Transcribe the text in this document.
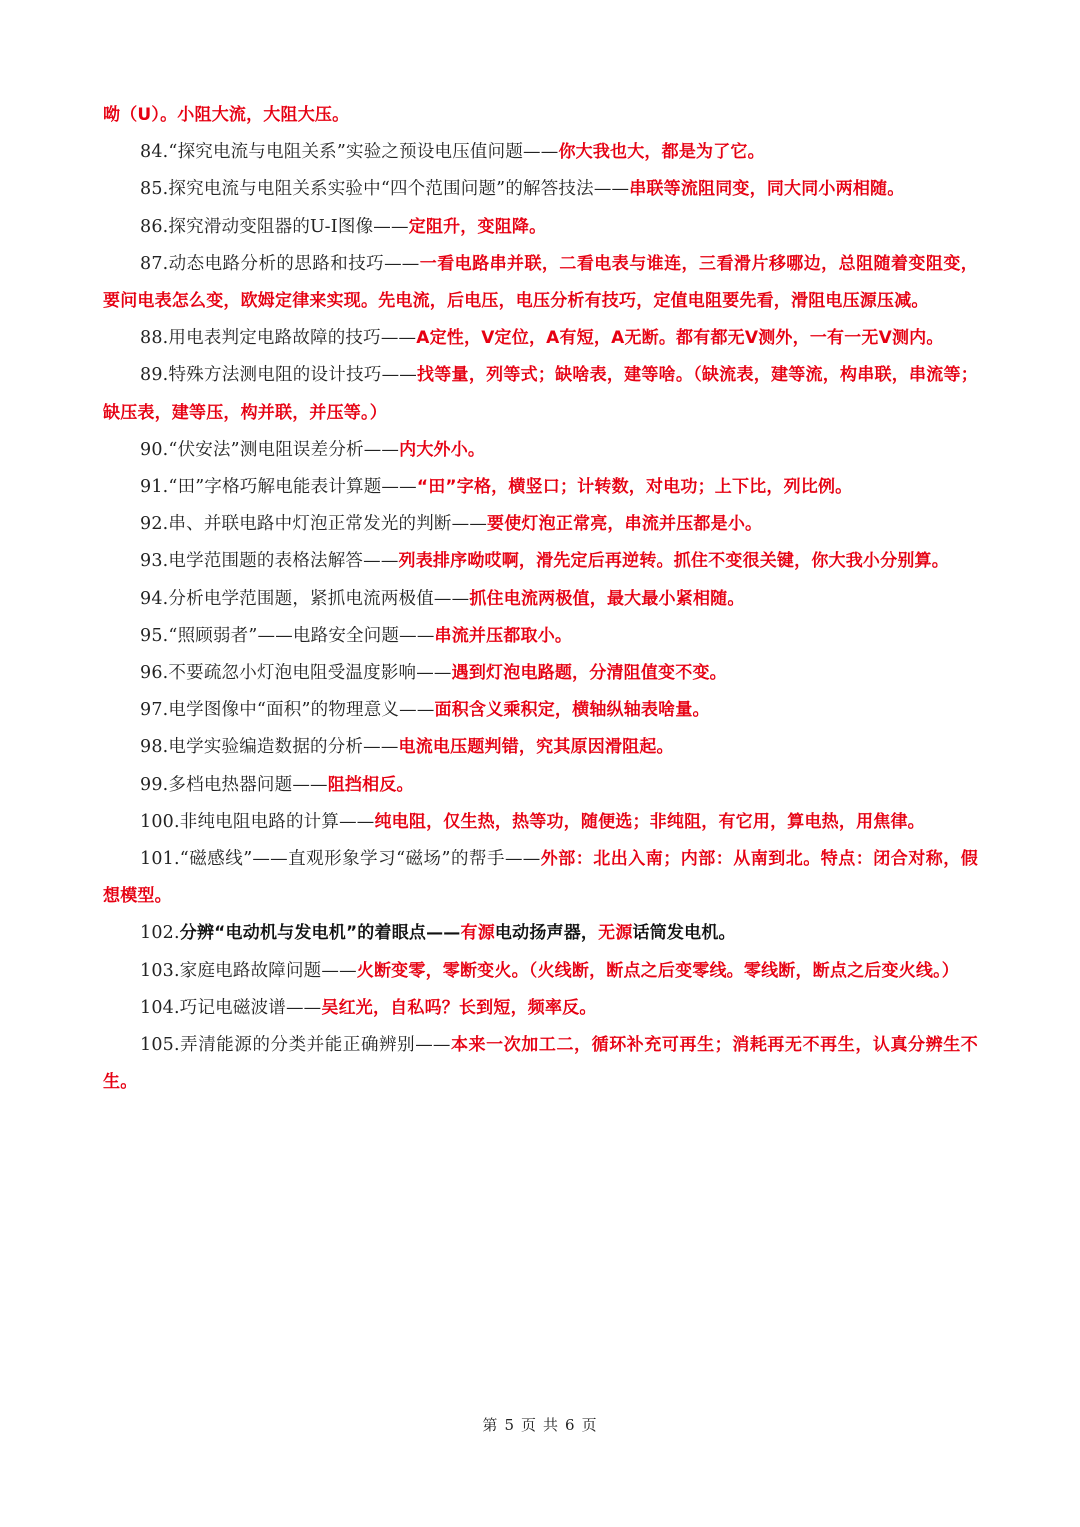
呦（U）。小阻大流，大阻大压。

84.“探究电流与电阻关系”实验之预设电压值问题——你大我也大，都是为了它。

85.探究电流与电阻关系实验中“四个范围问题”的解答技法——串联等流阻同变，同大同小两相随。

86.探究滑动变阻器的U-I图像——定阻升，变阻降。

87.动态电路分析的思路和技巧——一看电路串并联，二看电表与谁连，三看滑片移哪边，总阻随着变阻变，要问电表怎么变，欧姆定律来实现。先电流，后电压，电压分析有技巧，定值电阻要先看，滑阻电压源压减。

88.用电表判定电路故障的技巧——A定性，V定位，A有短，A无断。都有都无V测外，一有一无V测内。

89.特殊方法测电阻的设计技巧——找等量，列等式；缺啥表，建等啥。（缺流表，建等流，构串联，串流等；缺压表，建等压，构并联，并压等。）

90.“伏安法”测电阻误差分析——内大外小。

91.“田”字格巧解电能表计算题——“田”字格，横竖口；计转数，对电功；上下比，列比例。

92.串、并联电路中灯泡正常发光的判断——要使灯泡正常亮，串流并压都是小。

93.电学范围题的表格法解答——列表排序呦哎啊，滑先定后再逆转。抓住不变很关键，你大我小分别算。

94.分析电学范围题，紧抓电流两极值——抓住电流两极值，最大最小紧相随。

95.“照顾弱者”——电路安全问题——串流并压都取小。

96.不要疏忽小灯泡电阻受温度影响——遇到灯泡电路题，分清阻值变不变。

97.电学图像中“面积”的物理意义——面积含义乘积定，横轴纵轴表啥量。

98.电学实验编造数据的分析——电流电压题判错，究其原因滑阻起。

99.多档电热器问题——阻挡相反。

100.非纯电阻电路的计算——纯电阻，仅生热，热等功，随便选；非纯阻，有它用，算电热，用焦律。

101.“磁感线”——直观形象学习“磁场”的帮手——外部：北出入南；内部：从南到北。特点：闭合对称，假想模型。

102.分辨“电动机与发电机”的着眼点——有源电动扬声器，无源话筒发电机。

103.家庭电路故障问题——火断变零，零断变火。（火线断，断点之后变零线。零线断，断点之后变火线。）

104.巧记电磁波谱——吴红光，自私吗？长到短，频率反。

105.弄清能源的分类并能正确辨别——本来一次加工二，循环补充可再生；消耗再无不再生，认真分辨生不生。

第 5 页 共 6 页
